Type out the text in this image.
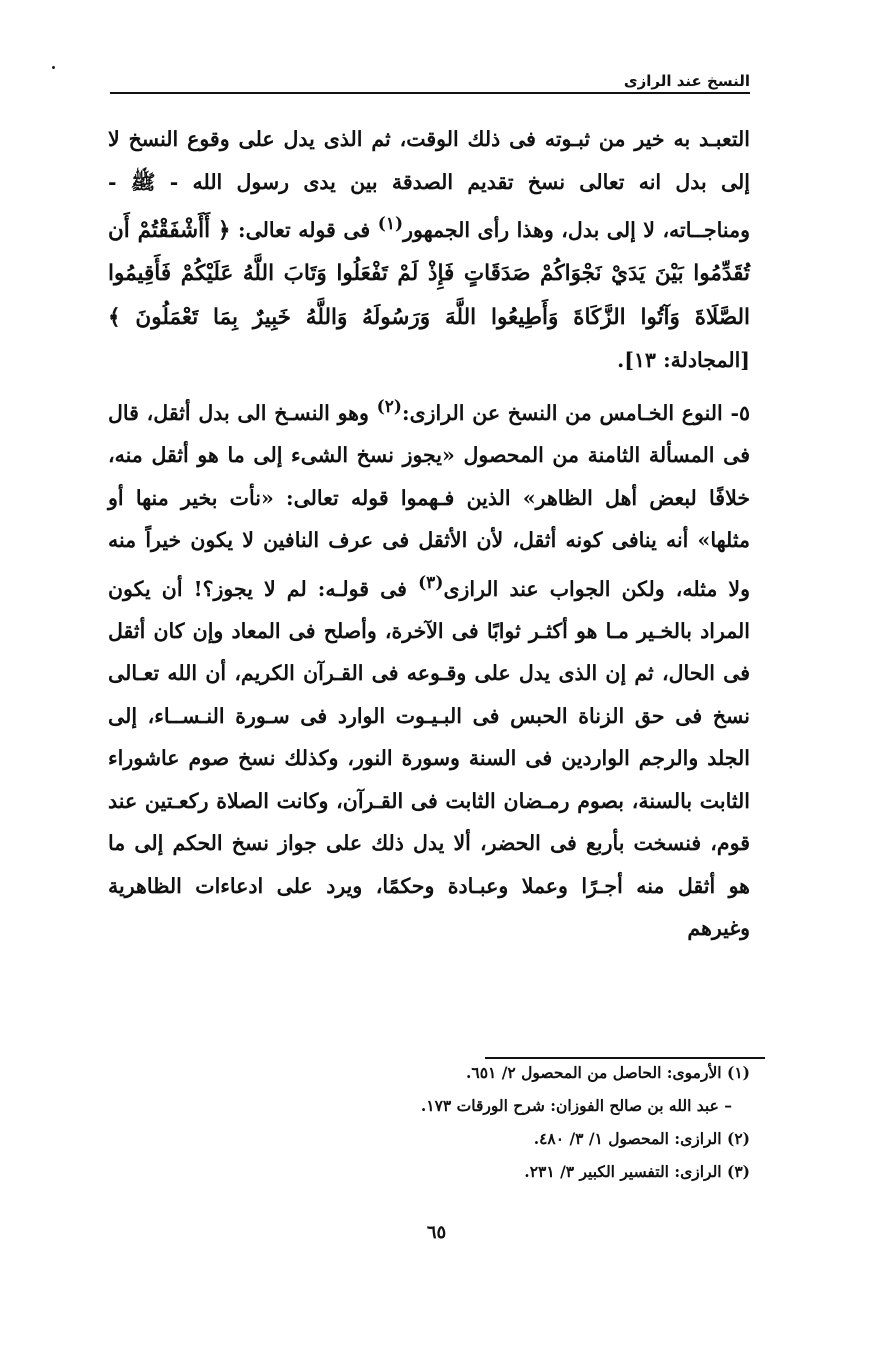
النسخ عند الرازى

التعبـد به خير من ثبـوته فى ذلك الوقت، ثم الذى يدل على وقوع النسخ لا إلى بدل انه تعالى نسخ تقديم الصدقة بين يدى رسول الله - ﷺ - ومناجــاته، لا إلى بدل، وهذا رأى الجمهور$^{(١)}$ فى قوله تعالى: ﴿ أَأَشْفَقْتُمْ أَن تُقَدِّمُوا بَيْنَ يَدَيْ نَجْوَاكُمْ صَدَقَاتٍ فَإِذْ لَمْ تَفْعَلُوا وَتَابَ اللَّهُ عَلَيْكُمْ فَأَقِيمُوا الصَّلَاةَ وَآتُوا الزَّكَاةَ وَأَطِيعُوا اللَّهَ وَرَسُولَهُ وَاللَّهُ خَبِيرٌ بِمَا تَعْمَلُونَ ﴾ [المجادلة: ١٣].

٥- النوع الخـامس من النسخ عن الرازى:$^{(٢)}$ وهو النسـخ الى بدل أثقل، قال فى المسألة الثامنة من المحصول «يجوز نسخ الشىء إلى ما هو أثقل منه، خلافًا لبعض أهل الظاهر» الذين فـهموا قوله تعالى: «نأت بخير منها أو مثلها» أنه ينافى كونه أثقل، لأن الأثقل فى عرف النافين لا يكون خيراً منه ولا مثله، ولكن الجواب عند الرازى$^{(٣)}$ فى قولـه: لم لا يجوز؟! أن يكون المراد بالخـير مـا هو أكثـر ثوابًا فى الآخرة، وأصلح فى المعاد وإن كان أثقل فى الحال، ثم إن الذى يدل على وقـوعه فى القـرآن الكريم، أن الله تعـالى نسخ فى حق الزناة الحبس فى البـيـوت الوارد فى سـورة النـســاء، إلى الجلد والرجم الواردين فى السنة وسورة النور، وكذلك نسخ صوم عاشوراء الثابت بالسنة، بصوم رمـضان الثابت فى القـرآن، وكانت الصلاة ركعـتين عند قوم، فنسخت بأربع فى الحضر، ألا يدل ذلك على جواز نسخ الحكم إلى ما هو أثقل منه أجـرًا وعملا وعبـادة وحكمًا، ويرد على ادعاءات الظاهرية وغيرهم

(١) الأرموى: الحاصل من المحصول ٢/ ٦٥١.

– عبد الله بن صالح الفوزان: شرح الورقات ١٧٣.

(٢) الرازى: المحصول ١/ ٣/ ٤٨٠.

(٣) الرازى: التفسير الكبير ٣/ ٢٣١.

٦٥
